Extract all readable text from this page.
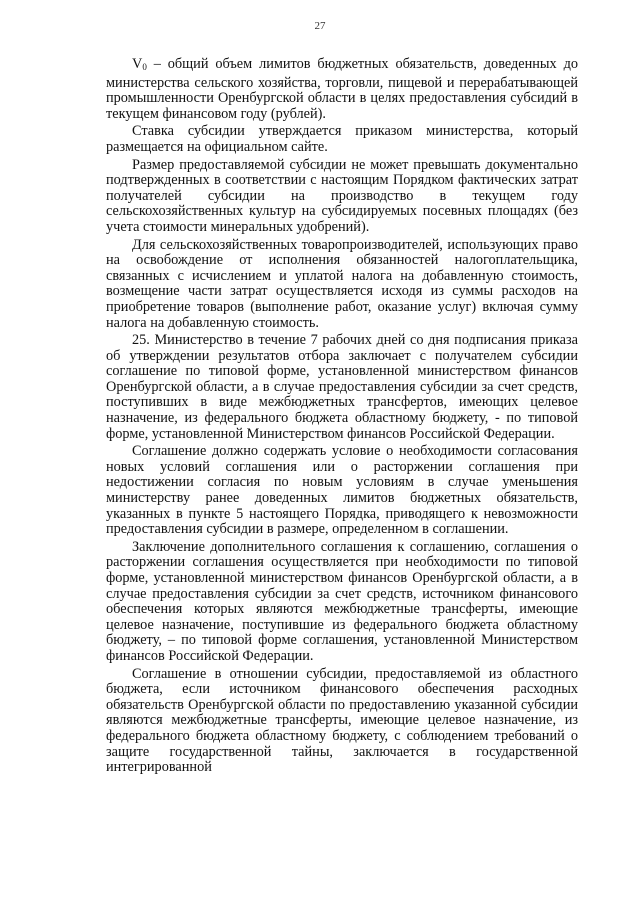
27

$V_0$ – общий объем лимитов бюджетных обязательств, доведенных до министерства сельского хозяйства, торговли, пищевой и перерабатывающей промышленности Оренбургской области в целях предоставления субсидий в текущем финансовом году (рублей).

Ставка субсидии утверждается приказом министерства, который размещается на официальном сайте.

Размер предоставляемой субсидии не может превышать документально подтвержденных в соответствии с настоящим Порядком фактических затрат получателей субсидии на производство в текущем году сельскохозяйственных культур на субсидируемых посевных площадях (без учета стоимости минеральных удобрений).

Для сельскохозяйственных товаропроизводителей, использующих право на освобождение от исполнения обязанностей налогоплательщика, связанных с исчислением и уплатой налога на добавленную стоимость, возмещение части затрат осуществляется исходя из суммы расходов на приобретение товаров (выполнение работ, оказание услуг) включая сумму налога на добавленную стоимость.

25. Министерство в течение 7 рабочих дней со дня подписания приказа об утверждении результатов отбора заключает с получателем субсидии соглашение по типовой форме, установленной министерством финансов Оренбургской области, а в случае предоставления субсидии за счет средств, поступивших в виде межбюджетных трансфертов, имеющих целевое назначение, из федерального бюджета областному бюджету, - по типовой форме, установленной Министерством финансов Российской Федерации.

Соглашение должно содержать условие о необходимости согласования новых условий соглашения или о расторжении соглашения при недостижении согласия по новым условиям в случае уменьшения министерству ранее доведенных лимитов бюджетных обязательств, указанных в пункте 5 настоящего Порядка, приводящего к невозможности предоставления субсидии в размере, определенном в соглашении.

Заключение дополнительного соглашения к соглашению, соглашения о расторжении соглашения осуществляется при необходимости по типовой форме, установленной министерством финансов Оренбургской области, а в случае предоставления субсидии за счет средств, источником финансового обеспечения которых являются межбюджетные трансферты, имеющие целевое назначение, поступившие из федерального бюджета областному бюджету, – по типовой форме соглашения, установленной Министерством финансов Российской Федерации.

Соглашение в отношении субсидии, предоставляемой из областного бюджета, если источником финансового обеспечения расходных обязательств Оренбургской области по предоставлению указанной субсидии являются межбюджетные трансферты, имеющие целевое назначение, из федерального бюджета областному бюджету, с соблюдением требований о защите государственной тайны, заключается в государственной интегрированной
